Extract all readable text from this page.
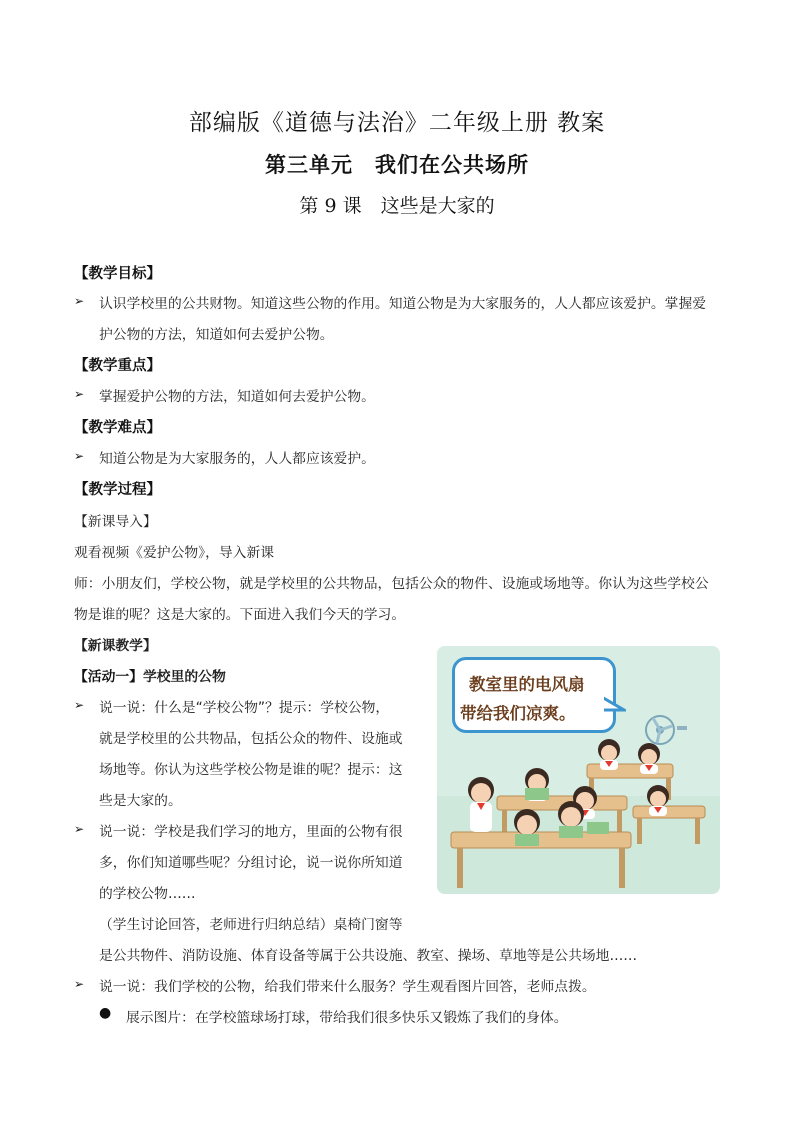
部编版《道德与法治》二年级上册 教案
第三单元　我们在公共场所
第 9 课　这些是大家的
【教学目标】
➢ 认识学校里的公共财物。知道这些公物的作用。知道公物是为大家服务的，人人都应该爱护。掌握爱
护公物的方法，知道如何去爱护公物。
【教学重点】
➢ 掌握爱护公物的方法，知道如何去爱护公物。
【教学难点】
➢ 知道公物是为大家服务的，人人都应该爱护。
【教学过程】
【新课导入】
观看视频《爱护公物》，导入新课
师：小朋友们，学校公物，就是学校里的公共物品，包括公众的物件、设施或场地等。你认为这些学校公
物是谁的呢？这是大家的。下面进入我们今天的学习。
【新课教学】
【活动一】学校里的公物
➢ 说一说：什么是“学校公物”？提示：学校公物，
就是学校里的公共物品，包括公众的物件、设施或
场地等。你认为这些学校公物是谁的呢？提示：这
些是大家的。
➢ 说一说：学校是我们学习的地方，里面的公物有很
多，你们知道哪些呢？分组讨论，说一说你所知道
的学校公物……
（学生讨论回答，老师进行归纳总结）桌椅门窗等
是公共物件、消防设施、体育设备等属于公共设施、教室、操场、草地等是公共场地……
➢ 说一说：我们学校的公物，给我们带来什么服务？学生观看图片回答，老师点拨。
● 展示图片：在学校篮球场打球，带给我们很多快乐又锻炼了我们的身体。
教室里的电风扇
带给我们凉爽。
